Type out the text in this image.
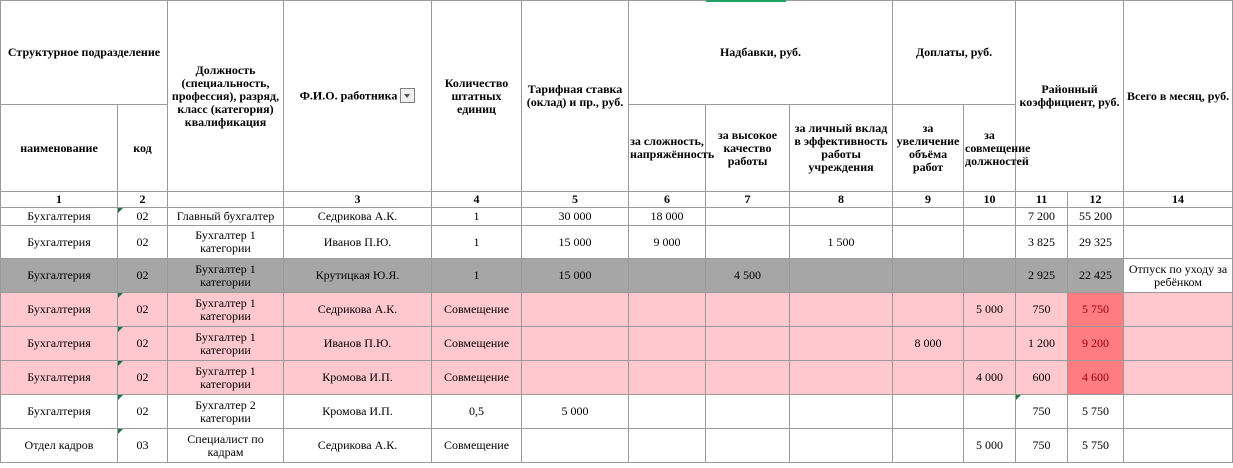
Структурное подразделение		Должность (специальность, профессия), разряд, класс (категория) квалификация	Ф.И.О. работника	Количество штатных единиц	Тарифная ставка (оклад) и пр., руб.	Надбавки, руб.			Доплаты, руб.		Районный коэффициент, руб.		Всего в месяц, руб.	
наименование	код					за сложность, напряжённость	за высокое качество работы	за личный вклад в эффективность работы учреждения	за увеличение объёма работ	за совмещение должностей				
1	2		3	4	5	6	7	8	9	10	11	12	14	
Бухгалтерия	02	Главный бухгалтер	Седрикова А.К.	1	30 000	18 000					7 200	55 200		
Бухгалтерия	02	Бухгалтер 1 категории	Иванов П.Ю.	1	15 000	9 000		1 500			3 825	29 325		
Бухгалтерия	02	Бухгалтер 1 категории	Крутицкая Ю.Я.	1	15 000		4 500				2 925	22 425	Отпуск по уходу за ребёнком	
Бухгалтерия	02	Бухгалтер 1 категории	Седрикова А.К.	Совмещение						5 000	750	5 750		
Бухгалтерия	02	Бухгалтер 1 категории	Иванов П.Ю.	Совмещение					8 000		1 200	9 200		
Бухгалтерия	02	Бухгалтер 1 категории	Кромова И.П.	Совмещение						4 000	600	4 600		
Бухгалтерия	02	Бухгалтер 2 категории	Кромова И.П.	0,5	5 000						750	5 750		
Отдел кадров	03	Специалист по кадрам	Седрикова А.К.	Совмещение						5 000	750	5 750		
